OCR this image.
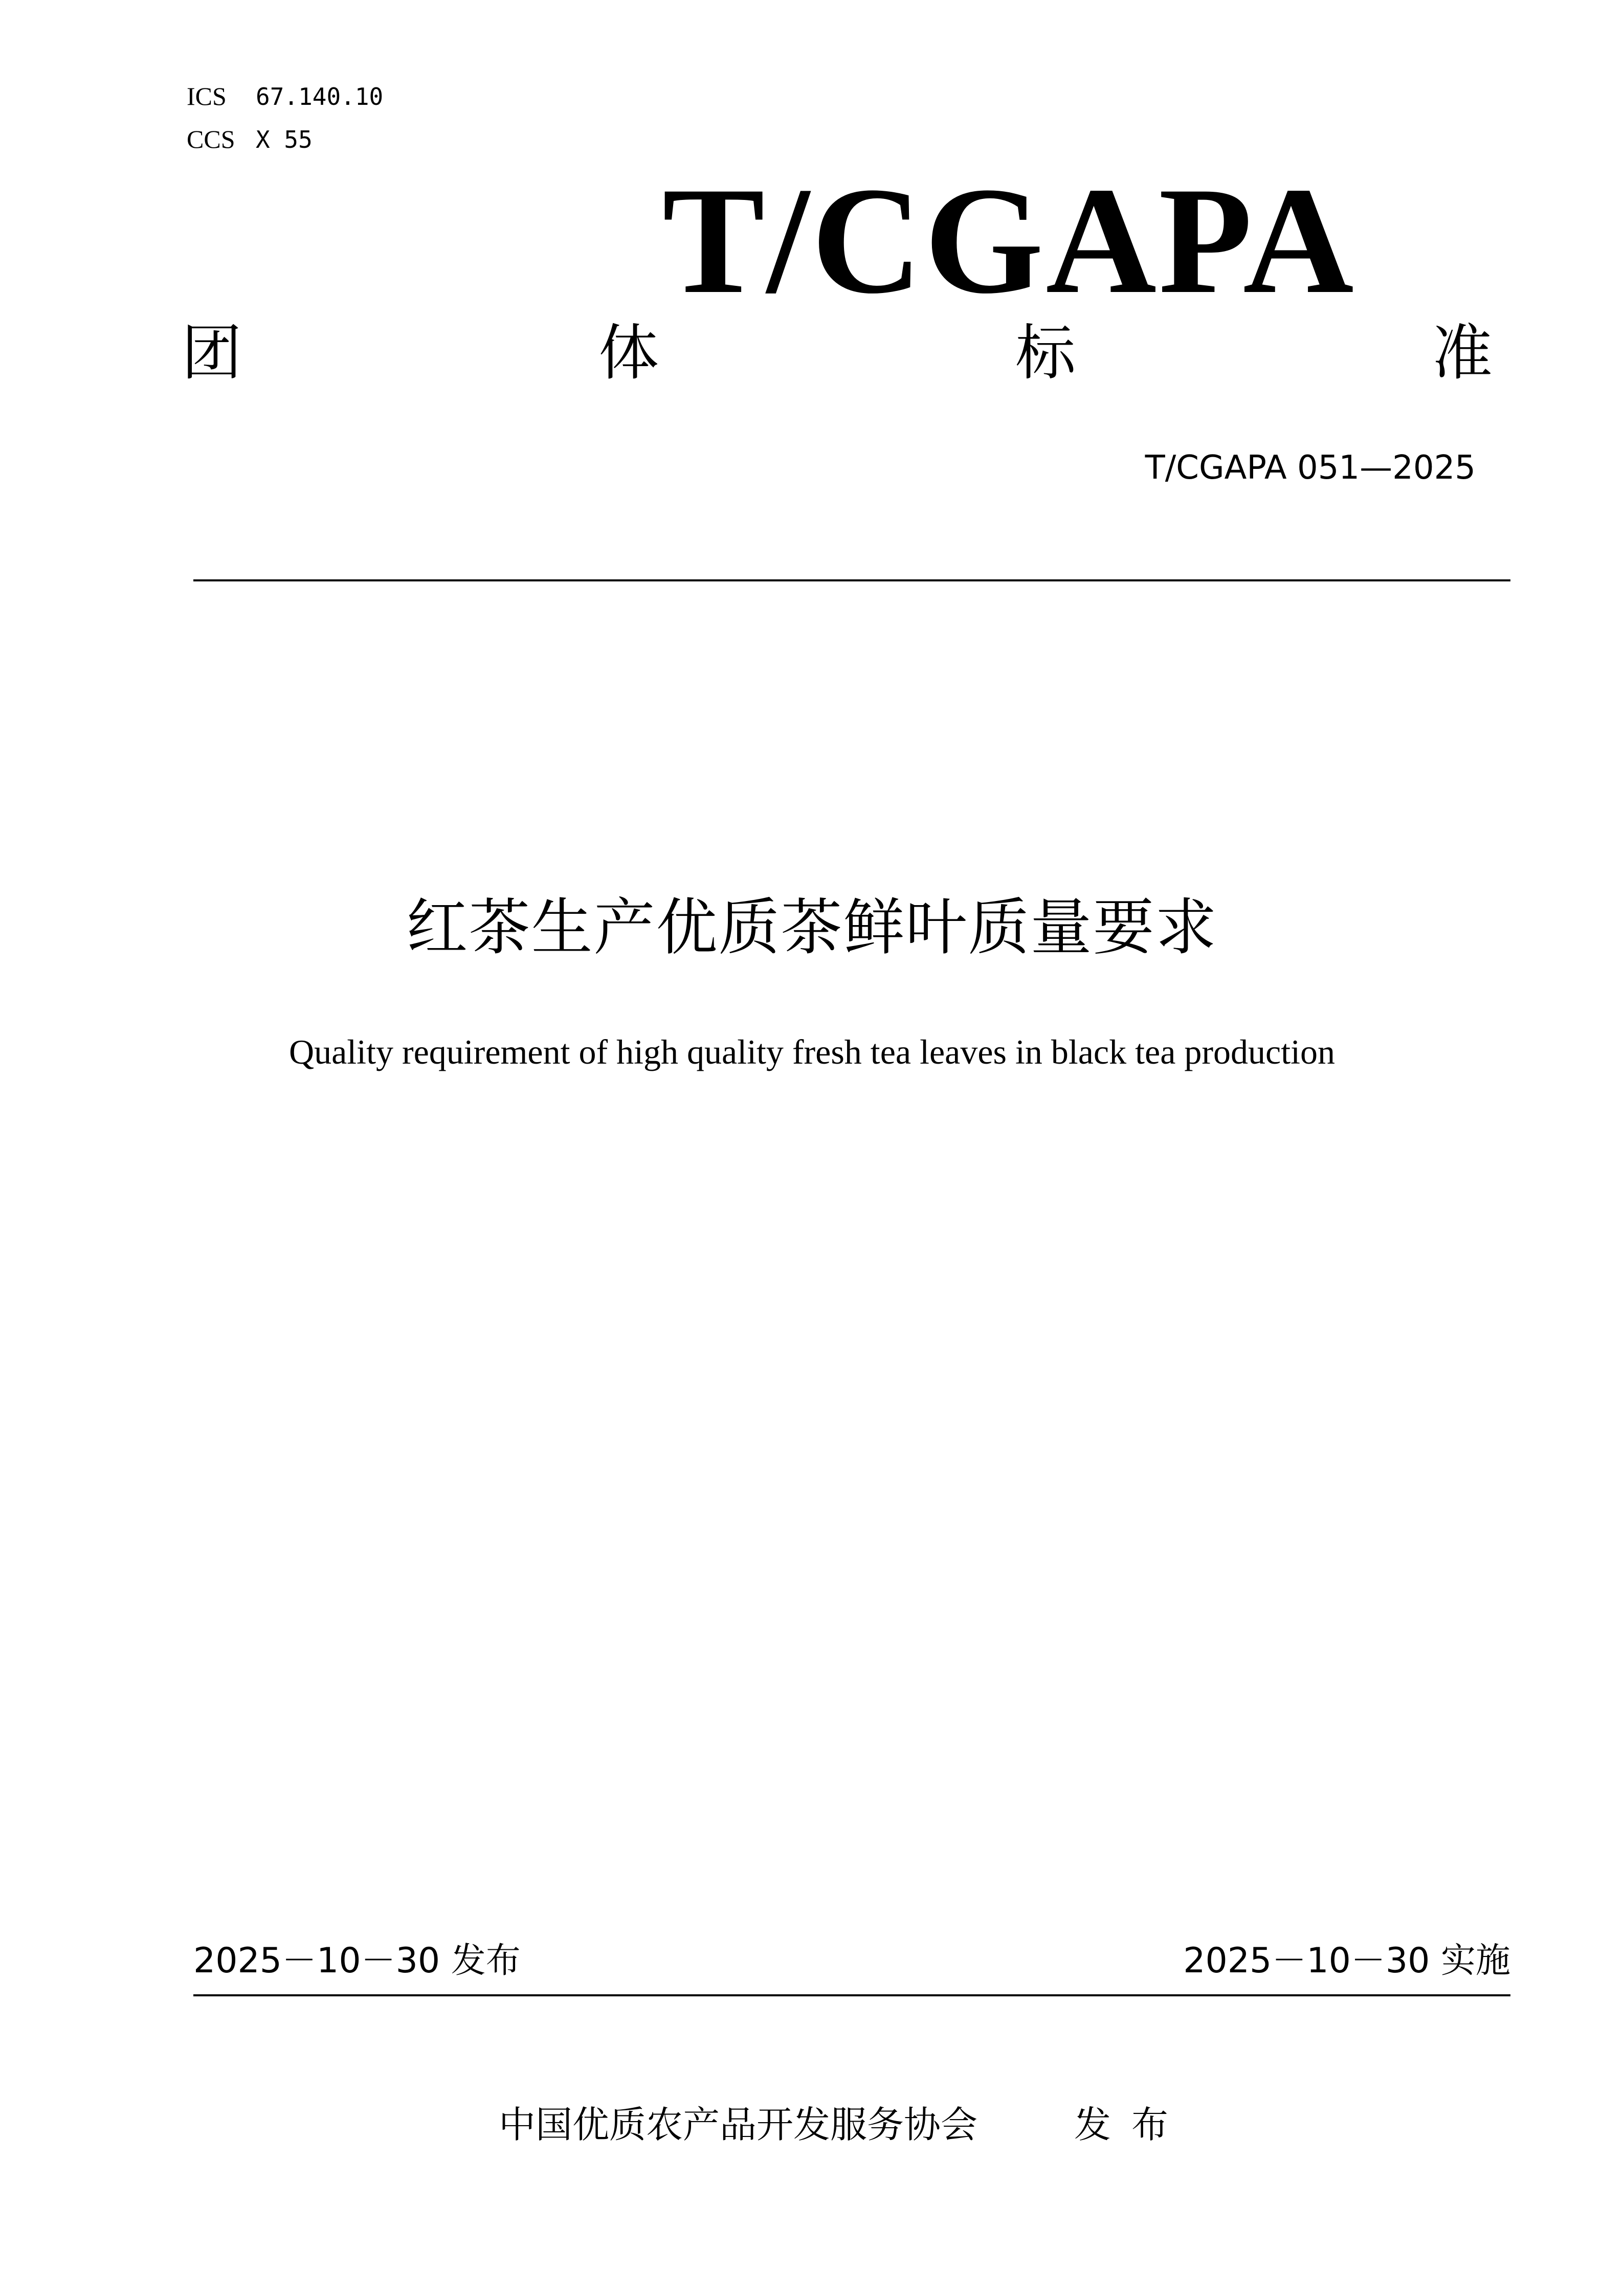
ICS 67.140.10
CCS X 55
T/CGAPA
团	体	标	准
T/CGAPA 051—2025
红茶生产优质茶鲜叶质量要求
Quality requirement of high quality fresh tea leaves in black tea production
2025－10－30 发布	2025－10－30 实施
中国优质农产品开发服务协会	发布
